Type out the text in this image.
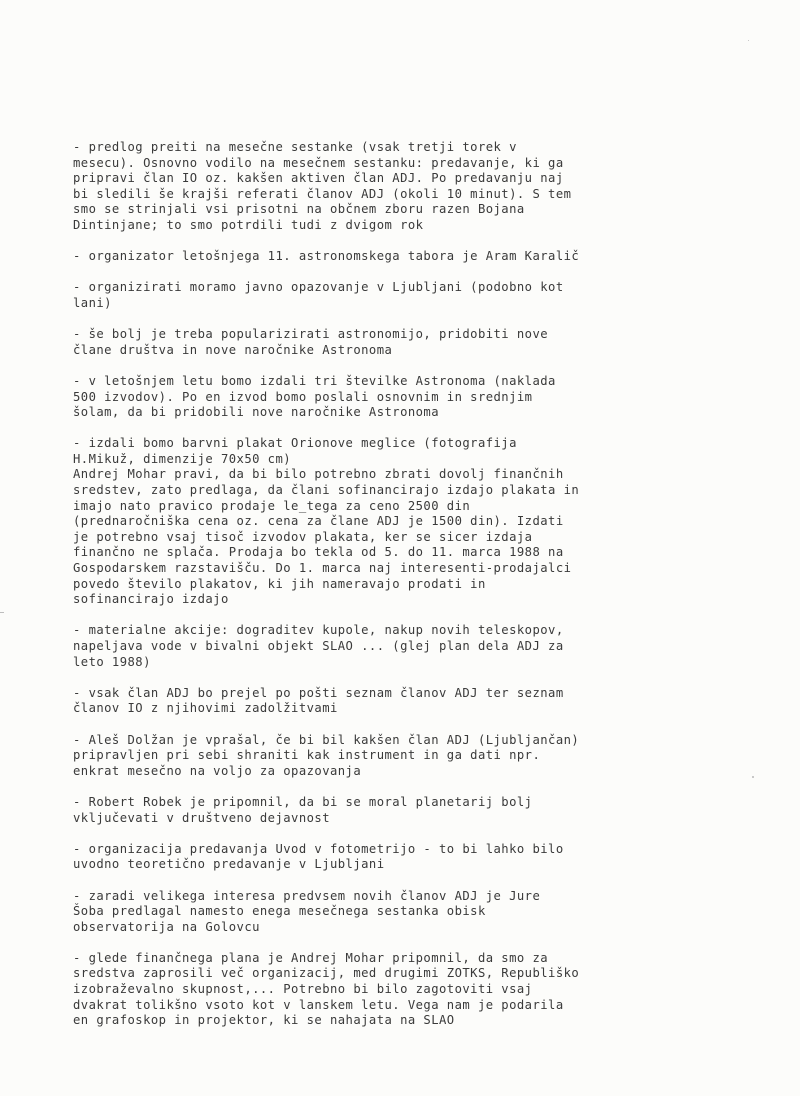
- predlog preiti na mesečne sestanke (vsak tretji torek v
mesecu). Osnovno vodilo na mesečnem sestanku: predavanje, ki ga
pripravi član IO oz. kakšen aktiven član ADJ. Po predavanju naj
bi sledili še krajši referati članov ADJ (okoli 10 minut). S tem
smo se strinjali vsi prisotni na občnem zboru razen Bojana
Dintinjane; to smo potrdili tudi z dvigom rok

- organizator letošnjega 11. astronomskega tabora je Aram Karalič

- organizirati moramo javno opazovanje v Ljubljani (podobno kot
lani)

- še bolj je treba popularizirati astronomijo, pridobiti nove
člane društva in nove naročnike Astronoma

- v letošnjem letu bomo izdali tri številke Astronoma (naklada
500 izvodov). Po en izvod bomo poslali osnovnim in srednjim
šolam, da bi pridobili nove naročnike Astronoma

- izdali bomo barvni plakat Orionove meglice (fotografija
H.Mikuž, dimenzije 70x50 cm)
Andrej Mohar pravi, da bi bilo potrebno zbrati dovolj finančnih
sredstev, zato predlaga, da člani sofinancirajo izdajo plakata in
imajo nato pravico prodaje le_tega za ceno 2500 din
(prednaročniška cena oz. cena za člane ADJ je 1500 din). Izdati
je potrebno vsaj tisoč izvodov plakata, ker se sicer izdaja
finančno ne splača. Prodaja bo tekla od 5. do 11. marca 1988 na
Gospodarskem razstavišču. Do 1. marca naj interesenti-prodajalci
povedo število plakatov, ki jih nameravajo prodati in
sofinancirajo izdajo

- materialne akcije: dograditev kupole, nakup novih teleskopov,
napeljava vode v bivalni objekt SLAO ... (glej plan dela ADJ za
leto 1988)

- vsak član ADJ bo prejel po pošti seznam članov ADJ ter seznam
članov IO z njihovimi zadolžitvami

- Aleš Dolžan je vprašal, če bi bil kakšen član ADJ (Ljubljančan)
pripravljen pri sebi shraniti kak instrument in ga dati npr.
enkrat mesečno na voljo za opazovanja

- Robert Robek je pripomnil, da bi se moral planetarij bolj
vključevati v društveno dejavnost

- organizacija predavanja Uvod v fotometrijo - to bi lahko bilo
uvodno teoretično predavanje v Ljubljani

- zaradi velikega interesa predvsem novih članov ADJ je Jure
Šoba predlagal namesto enega mesečnega sestanka obisk
observatorija na Golovcu

- glede finančnega plana je Andrej Mohar pripomnil, da smo za
sredstva zaprosili več organizacij, med drugimi ZOTKS, Republiško
izobraževalno skupnost,... Potrebno bi bilo zagotoviti vsaj
dvakrat tolikšno vsoto kot v lanskem letu. Vega nam je podarila
en grafoskop in projektor, ki se nahajata na SLAO
